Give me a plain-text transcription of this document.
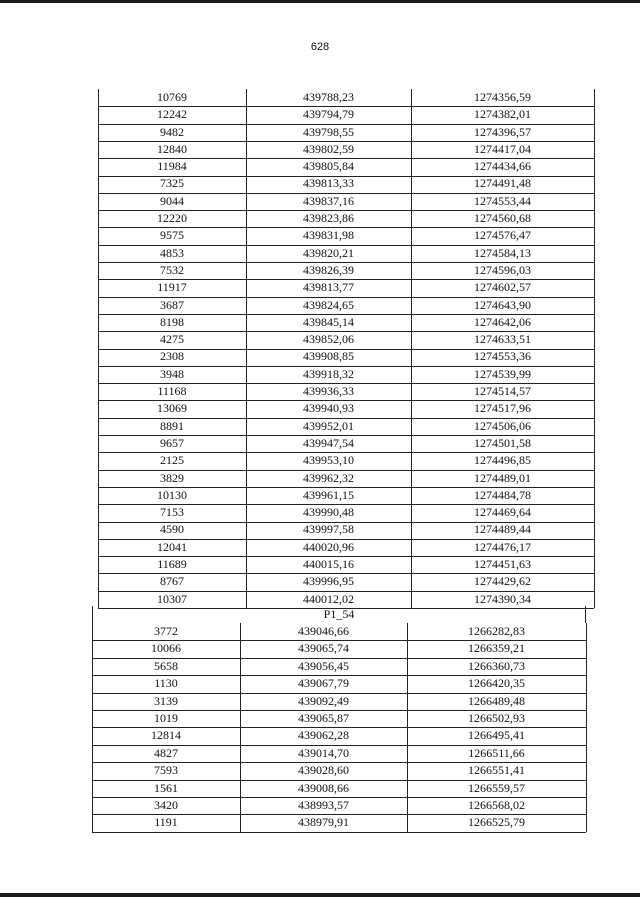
628
10769	439788,23	1274356,59
12242	439794,79	1274382,01
9482	439798,55	1274396,57
12840	439802,59	1274417,04
11984	439805,84	1274434,66
7325	439813,33	1274491,48
9044	439837,16	1274553,44
12220	439823,86	1274560,68
9575	439831,98	1274576,47
4853	439820,21	1274584,13
7532	439826,39	1274596,03
11917	439813,77	1274602,57
3687	439824,65	1274643,90
8198	439845,14	1274642,06
4275	439852,06	1274633,51
2308	439908,85	1274553,36
3948	439918,32	1274539,99
11168	439936,33	1274514,57
13069	439940,93	1274517,96
8891	439952,01	1274506,06
9657	439947,54	1274501,58
2125	439953,10	1274496,85
3829	439962,32	1274489,01
10130	439961,15	1274484,78
7153	439990,48	1274469,64
4590	439997,58	1274489,44
12041	440020,96	1274476,17
11689	440015,16	1274451,63
8767	439996,95	1274429,62
10307	440012,02	1274390,34
P1_54
3772	439046,66	1266282,83
10066	439065,74	1266359,21
5658	439056,45	1266360,73
1130	439067,79	1266420,35
3139	439092,49	1266489,48
1019	439065,87	1266502,93
12814	439062,28	1266495,41
4827	439014,70	1266511,66
7593	439028,60	1266551,41
1561	439008,66	1266559,57
3420	438993,57	1266568,02
1191	438979,91	1266525,79
